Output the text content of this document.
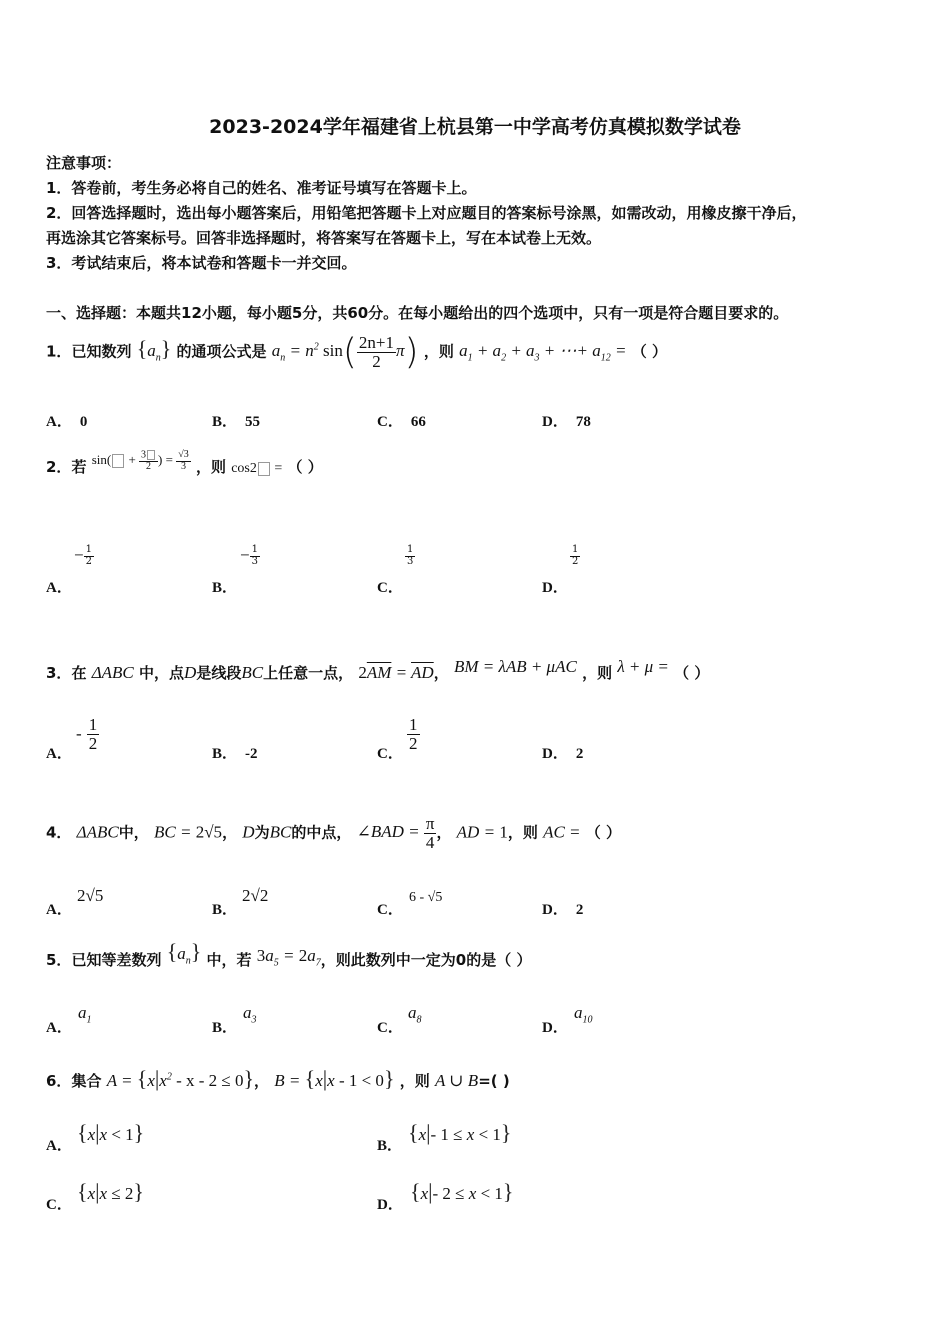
2023-2024学年福建省上杭县第一中学高考仿真模拟数学试卷
注意事项：
1．答卷前，考生务必将自己的姓名、准考证号填写在答题卡上。
2．回答选择题时，选出每小题答案后，用铅笔把答题卡上对应题目的答案标号涂黑，如需改动，用橡皮擦干净后，
再选涂其它答案标号。回答非选择题时，将答案写在答题卡上，写在本试卷上无效。
3．考试结束后，将本试卷和答题卡一并交回。
一、选择题：本题共12小题，每小题5分，共60分。在每小题给出的四个选项中，只有一项是符合题目要求的。
1．已知数列 $\{a_n\}$ 的通项公式是 $a_n = n^2$ $\sin( \frac{2n+1}{2} \pi)$ ，则 $a_1 + a_2 + a_3$ + ⋯+ $a_{12}$ = （ ）
A． 0	B． 55	C． 66	D． 78
2．若 $\sin( + \frac{3}{2}$ ) = $\frac{√3}{3}$ ，则 cos2 = （ ）
− $\frac{1}{2}$	− $\frac{1}{3}$	$\frac{1}{3}$	$\frac{1}{2}$
A．	B．	C．	D．
3．在 ΔABC 中，点D是线段BC上任意一点， $2\overline{AM} = \overline{AD}$， BM = λAB + μAC ，则 λ + μ = （ ）
A．
- $\frac{1}{2}$
B． -2	C．
$\frac{1}{2}$
D． 2
4． ΔABC中， BC = 2√5， D为BC的中点， ∠BAD = $\frac{\pi}{4}$ ， AD = 1，则 AC = （ ）
A．
2√5
B．
2√2
C．
6 - √5
D． 2
5．已知等差数列 $\{a_n\}$ 中，若 $3a_5 = 2a_7$，则此数列中一定为0的是（ ）
A．
$a_1$
B．
$a_3$
C．
$a_8$
D．
$a_{10}$
6．集合 $A = \{x|x^2 - x - 2 \le 0\}$， B = {x|x - 1 < 0} ，则 A ∪ B=( )
A．
{x|x < 1}
B．
{x|- 1 ≤ x < 1}
C．
{x|x ≤ 2}
D．
{x|- 2 ≤ x < 1}
